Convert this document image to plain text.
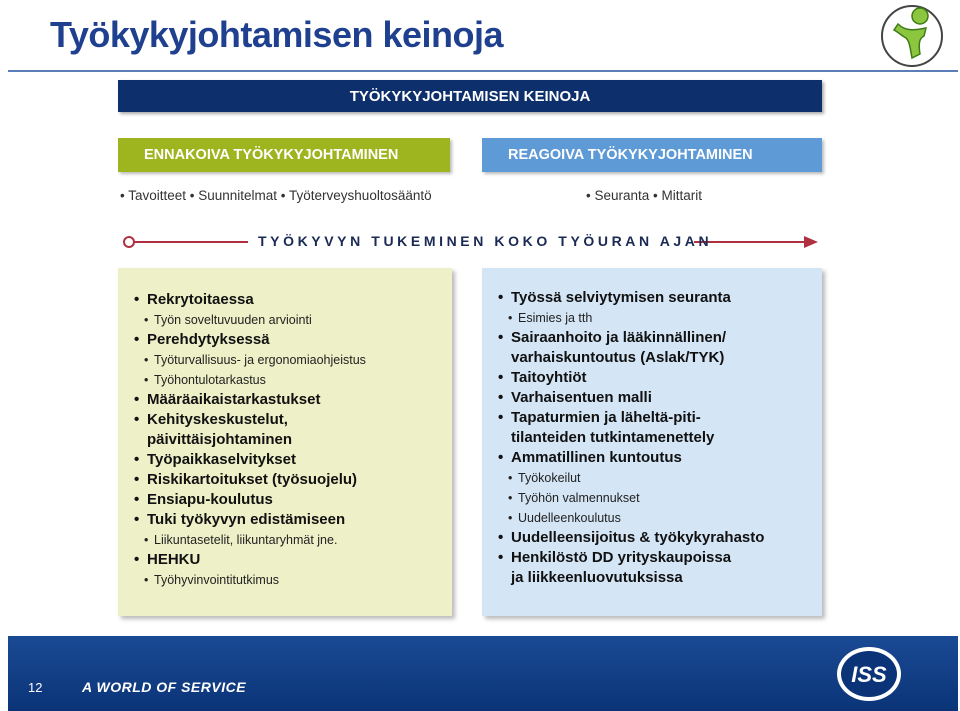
Työkykyjohtamisen keinoja
TYÖKYKYJOHTAMISEN KEINOJA
ENNAKOIVA TYÖKYKYJOHTAMINEN	REAGOIVA TYÖKYKYJOHTAMINEN
• Tavoitteet • Suunnitelmat • Työterveyshuoltosääntö	• Seuranta • Mittarit
TYÖKYVYN TUKEMINEN KOKO TYÖURAN AJAN
• Rekrytoitaessa
• Työn soveltuvuuden arviointi
• Perehdytyksessä
• Työturvallisuus- ja ergonomiaohjeistus
• Työhontulotarkastus
• Määräaikaistarkastukset
• Kehityskeskustelut,
päivittäisjohtaminen
• Työpaikkaselvitykset
• Riskikartoitukset (työsuojelu)
• Ensiapu-koulutus
• Tuki työkyvyn edistämiseen
• Liikuntasetelit, liikuntaryhmät jne.
• HEHKU
• Työhyvinvointitutkimus
• Työssä selviytymisen seuranta
• Esimies ja tth
• Sairaanhoito ja lääkinnällinen/
varhaiskuntoutus (Aslak/TYK)
• Taitoyhtiöt
• Varhaisentuen malli
• Tapaturmien ja läheltä-piti-
tilanteiden tutkintamenettely
• Ammatillinen kuntoutus
• Työkokeilut
• Työhön valmennukset
• Uudelleenkoulutus
• Uudelleensijoitus & työkykyrahasto
• Henkilöstö DD yrityskaupoissa
ja liikkeenluovutuksissa
12	A WORLD OF SERVICE	ISS
